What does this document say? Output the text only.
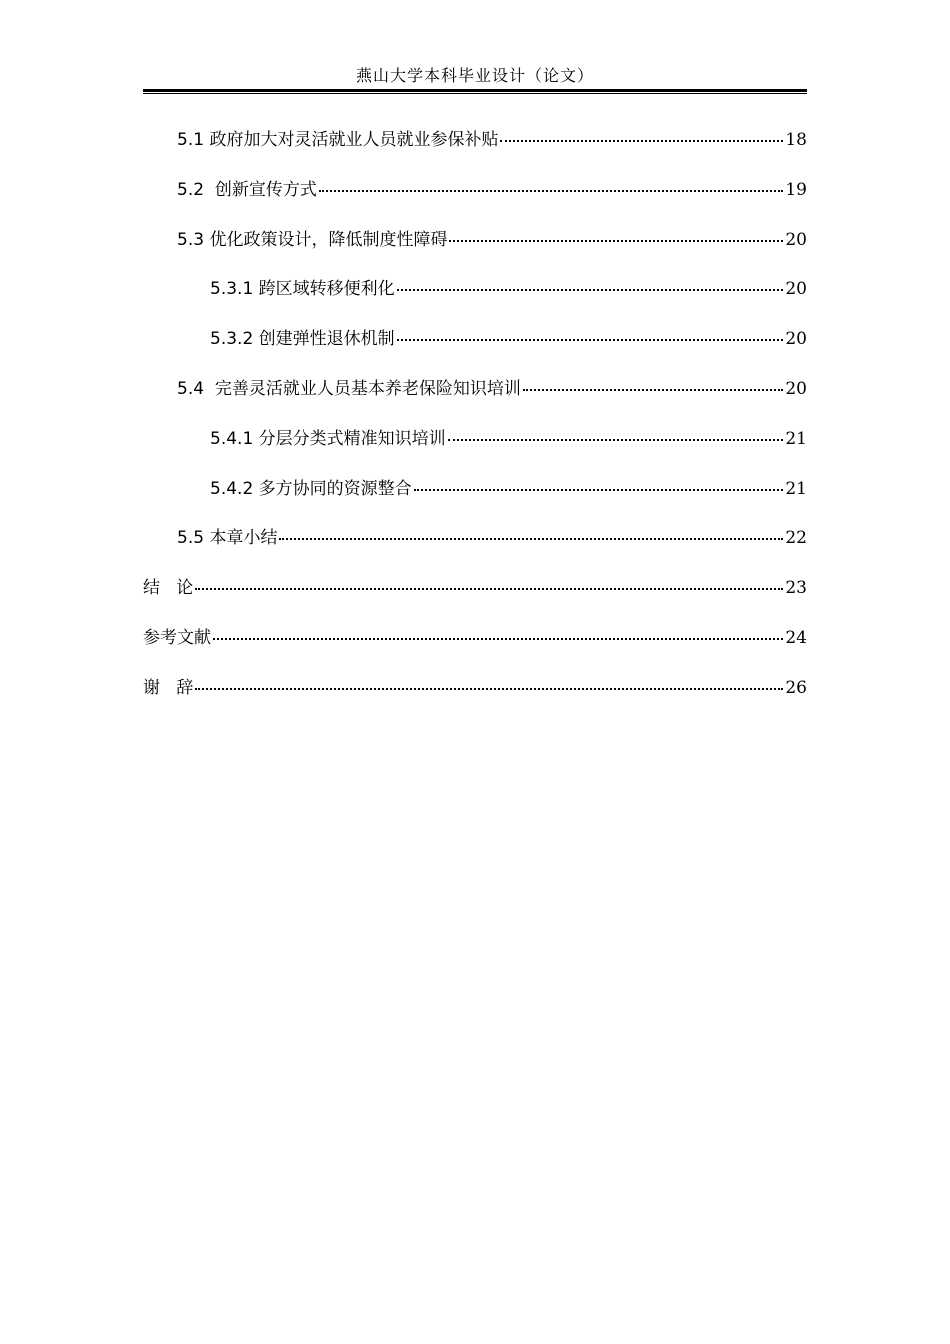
燕山大学本科毕业设计（论文）
5.1 政府加大对灵活就业人员就业参保补贴	18
5.2  创新宣传方式	19
5.3 优化政策设计，降低制度性障碍	20
5.3.1 跨区域转移便利化	20
5.3.2 创建弹性退休机制	20
5.4  完善灵活就业人员基本养老保险知识培训	20
5.4.1 分层分类式精准知识培训	21
5.4.2 多方协同的资源整合	21
5.5 本章小结	22
结   论	23
参考文献	24
谢   辞	26
